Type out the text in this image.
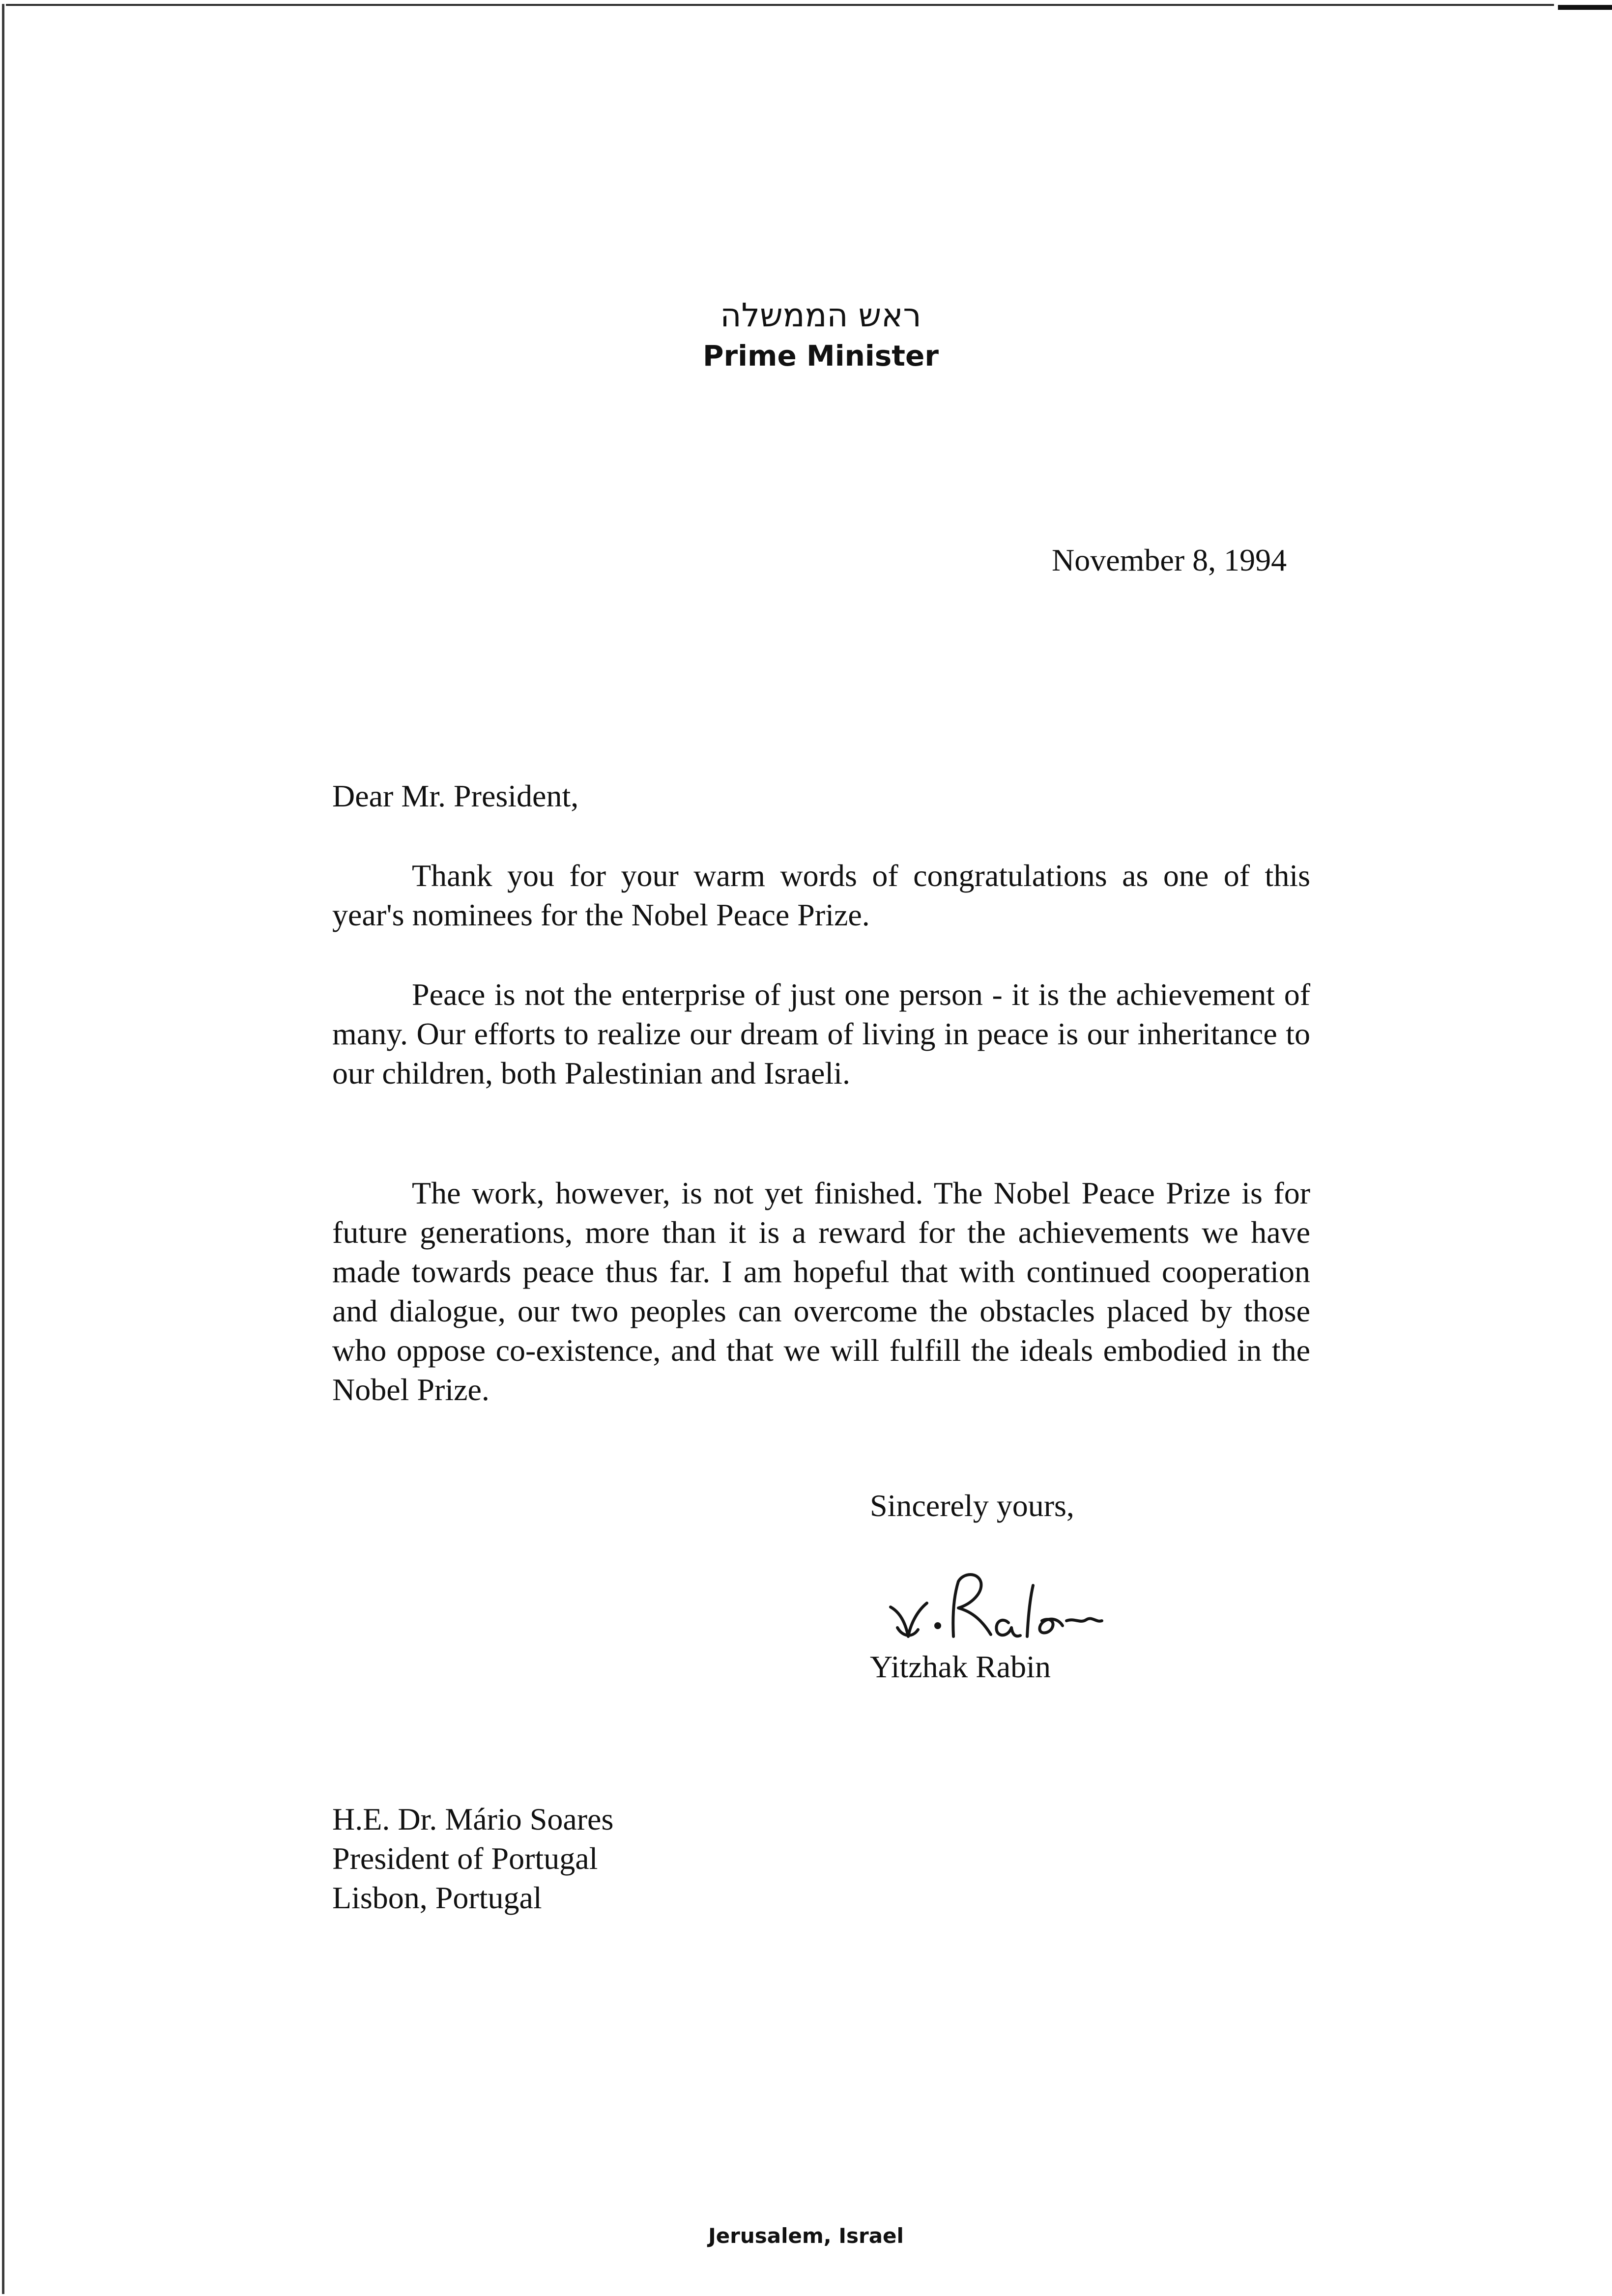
ראש הממשלה
Prime Minister
November 8, 1994
Dear Mr. President,

Thank you for your warm words of congratulations as one of this year's nominees for the Nobel Peace Prize.

Peace is not the enterprise of just one person - it is the achievement of many. Our efforts to realize our dream of living in peace is our inheritance to our children, both Palestinian and Israeli.

The work, however, is not yet finished. The Nobel Peace Prize is for future generations, more than it is a reward for the achievements we have made towards peace thus far. I am hopeful that with continued cooperation and dialogue, our two peoples can overcome the obstacles placed by those who oppose co-existence, and that we will fulfill the ideals embodied in the Nobel Prize.

Sincerely yours,
Yitzhak Rabin
H.E. Dr. Mário Soares
President of Portugal
Lisbon, Portugal
Jerusalem, Israel
